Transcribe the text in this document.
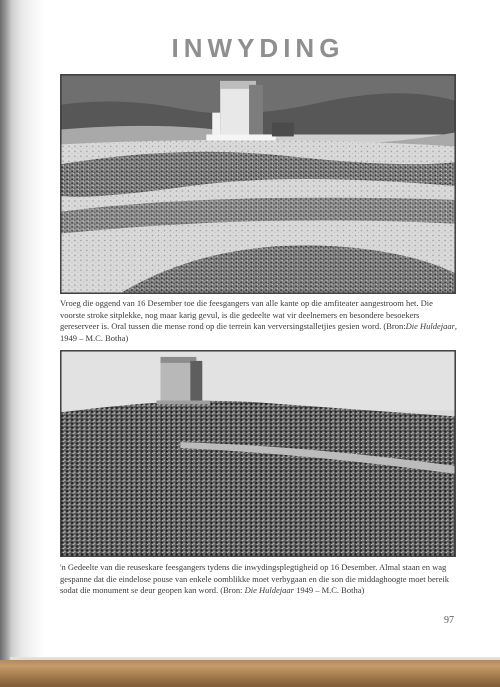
INWYDING

Vroeg die oggend van 16 Desember toe die feesgangers van alle kante op die amfiteater aangestroom het. Die voorste stroke sitplekke, nog maar karig gevul, is die gedeelte wat vir deelnemers en besondere besoekers gereserveer is. Oral tussen die mense rond op die terrein kan verversingstalletjies gesien word. (Bron:Die Huldejaar, 1949 – M.C. Botha)

'n Gedeelte van die reuseskare feesgangers tydens die inwydingsplegtigheid op 16 Desember. Almal staan en wag gespanne dat die eindelose pouse van enkele oomblikke moet verbygaan en die son die middaghoogte moet bereik sodat die monument se deur geopen kan word. (Bron: Die Huldejaar 1949 – M.C. Botha)

97
